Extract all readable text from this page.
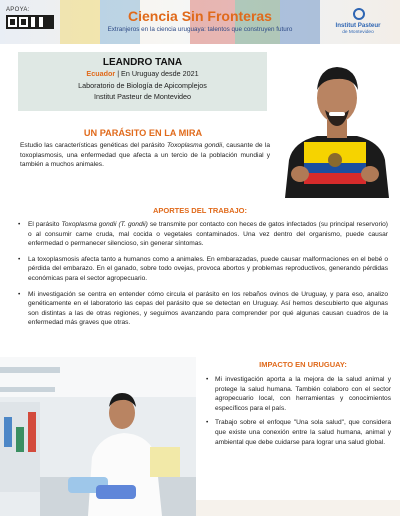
APOYA:	Ciencia Sin Fronteras
Extranjeros en la ciencia uruguaya: talentos que construyen futuro
Institut Pasteur
de Montevideo
LEANDRO TANA
Ecuador | En Uruguay desde 2021
Laboratorio de Biología de Apicomplejos
Institut Pasteur de Montevideo
UN PARÁSITO EN LA MIRA
Estudio las características genéticas del parásito Toxoplasma gondii, causante de la toxoplasmosis, una enfermedad que afecta a un tercio de la población mundial y también a muchos animales.
APORTES DEL TRABAJO:
• El parásito Toxoplasma gondii (T. gondii) se transmite por contacto con heces de gatos infectados (su principal reservorio) o al consumir carne cruda, mal cocida o vegetales contaminados. Una vez dentro del organismo, puede causar enfermedad o permanecer silencioso, sin generar síntomas.
• La toxoplasmosis afecta tanto a humanos como a animales. En embarazadas, puede causar malformaciones en el bebé o pérdida del embarazo. En el ganado, sobre todo ovejas, provoca abortos y problemas reproductivos, generando pérdidas económicas para el sector agropecuario.
• Mi investigación se centra en entender cómo circula el parásito en los rebaños ovinos de Uruguay, y para eso, analizo genéticamente en el laboratorio las cepas del parásito que se detectan en Uruguay. Así hemos descubierto que algunas son distintas a las de otras regiones, y seguimos avanzando para comprender por qué algunas causan cuadros de la enfermedad más graves que otras.
IMPACTO EN URUGUAY:
• Mi investigación aporta a la mejora de la salud animal y protege la salud humana. También colaboro con el sector agropecuario local, con herramientas y conocimientos específicos para el país.
• Trabajo sobre el enfoque "Una sola salud", que considera que existe una conexión entre la salud humana, animal y ambiental que debe cuidarse para lograr una salud global.
